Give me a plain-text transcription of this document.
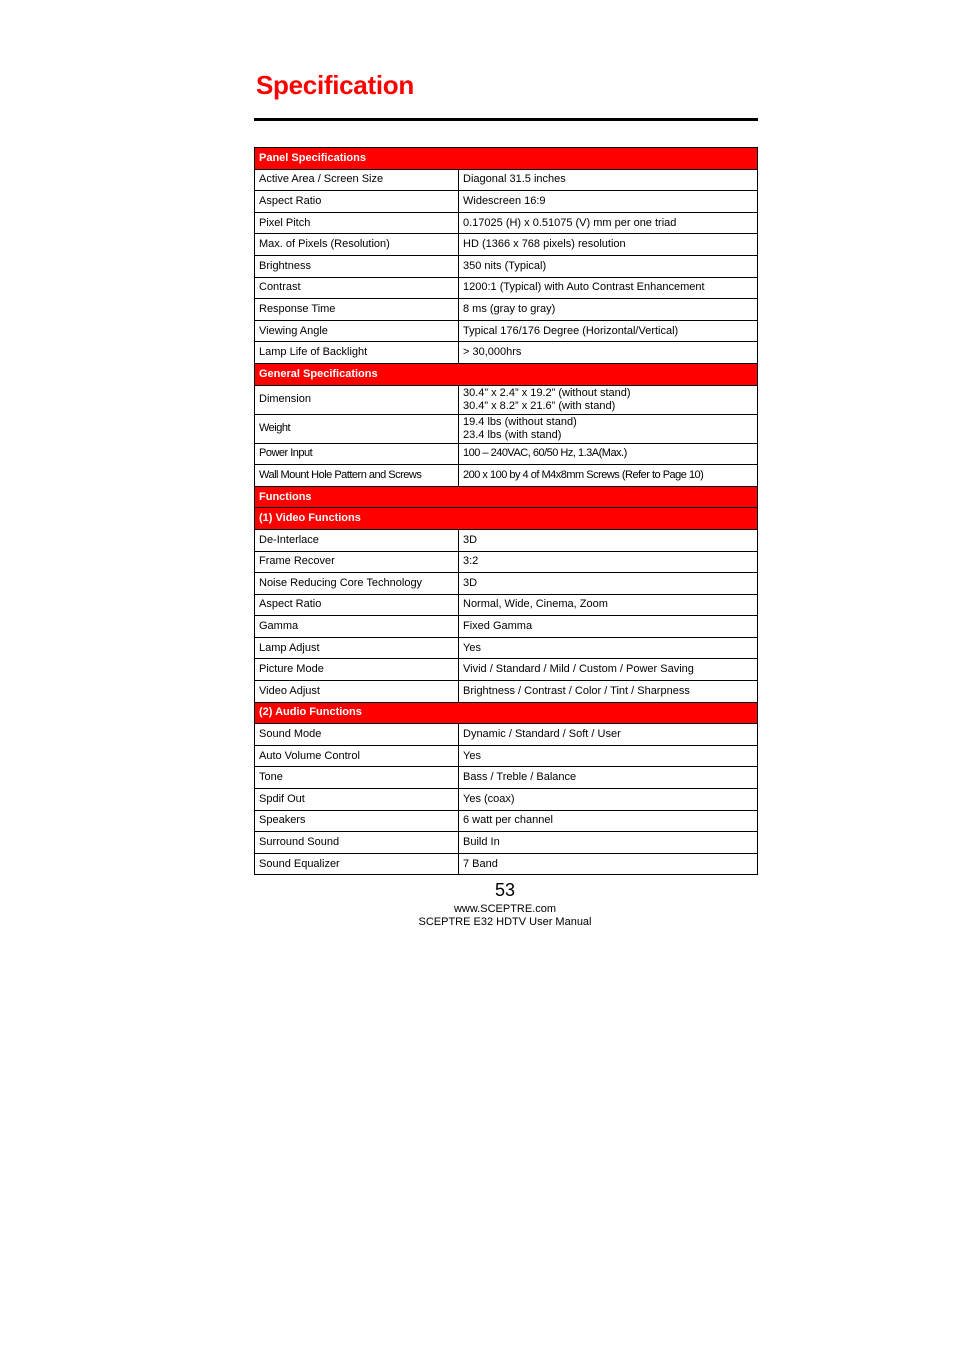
Specification
Panel Specifications	
Active Area / Screen Size	Diagonal 31.5 inches
Aspect Ratio	Widescreen 16:9
Pixel Pitch	0.17025 (H) x 0.51075 (V) mm per one triad
Max. of Pixels (Resolution)	HD (1366 x 768 pixels) resolution
Brightness	350 nits (Typical)
Contrast	1200:1 (Typical) with Auto Contrast Enhancement
Response Time	8 ms (gray to gray)
Viewing Angle	Typical 176/176 Degree (Horizontal/Vertical)
Lamp Life of Backlight	> 30,000hrs
General Specifications	
Dimension	30.4” x 2.4” x 19.2” (without stand)
30.4” x 8.2” x 21.6” (with stand)

Weight	19.4 lbs (without stand)
23.4 lbs (with stand)

Power Input	100 – 240VAC, 60/50 Hz, 1.3A(Max.)
Wall Mount Hole Pattern and Screws	200 x 100 by 4 of M4x8mm Screws (Refer to Page 10)
Functions	
(1) Video Functions	
De-Interlace	3D
Frame Recover	3:2
Noise Reducing Core Technology	3D
Aspect Ratio	Normal, Wide, Cinema, Zoom
Gamma	Fixed Gamma
Lamp Adjust	Yes
Picture Mode	Vivid / Standard / Mild / Custom / Power Saving
Video Adjust	Brightness / Contrast / Color / Tint / Sharpness
(2) Audio Functions	
Sound Mode	Dynamic / Standard / Soft / User
Auto Volume Control	Yes
Tone	Bass / Treble / Balance
Spdif Out	Yes (coax)
Speakers	6 watt per channel
Surround Sound	Build In
Sound Equalizer	7 Band
53
www.SCEPTRE.com
SCEPTRE E32 HDTV User Manual
